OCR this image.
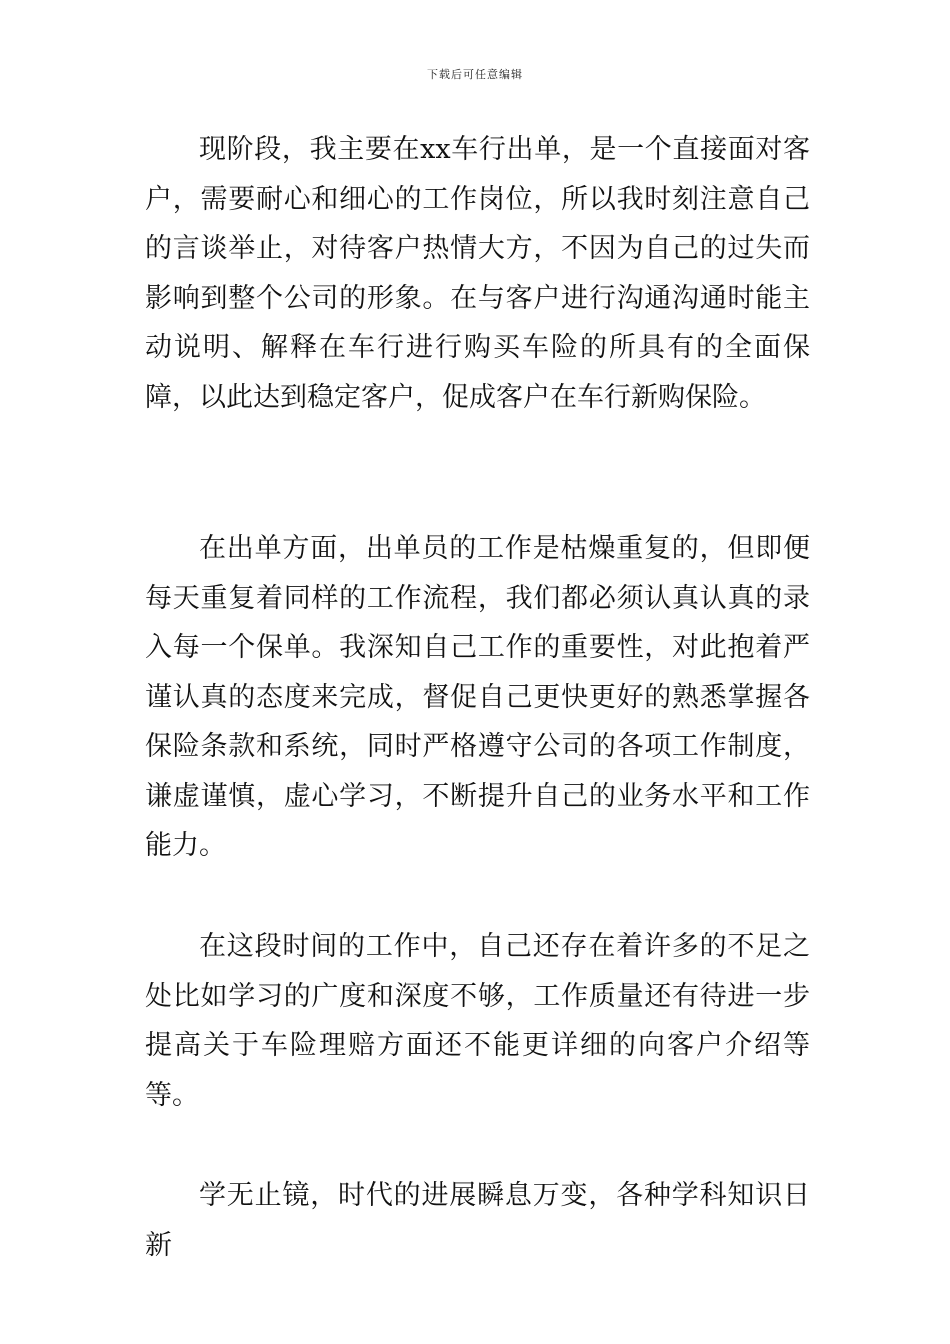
下载后可任意编辑

现阶段，我主要在xx车行出单，是一个直接面对客户，需要耐心和细心的工作岗位，所以我时刻注意自己的言谈举止，对待客户热情大方，不因为自己的过失而影响到整个公司的形象。在与客户进行沟通沟通时能主动说明、解释在车行进行购买车险的所具有的全面保障，以此达到稳定客户，促成客户在车行新购保险。

在出单方面，出单员的工作是枯燥重复的，但即便每天重复着同样的工作流程，我们都必须认真认真的录入每一个保单。我深知自己工作的重要性，对此抱着严谨认真的态度来完成，督促自己更快更好的熟悉掌握各保险条款和系统，同时严格遵守公司的各项工作制度，谦虚谨慎，虚心学习，不断提升自己的业务水平和工作能力。

在这段时间的工作中，自己还存在着许多的不足之处比如学习的广度和深度不够，工作质量还有待进一步提高关于车险理赔方面还不能更详细的向客户介绍等等。

学无止镜，时代的进展瞬息万变，各种学科知识日新
